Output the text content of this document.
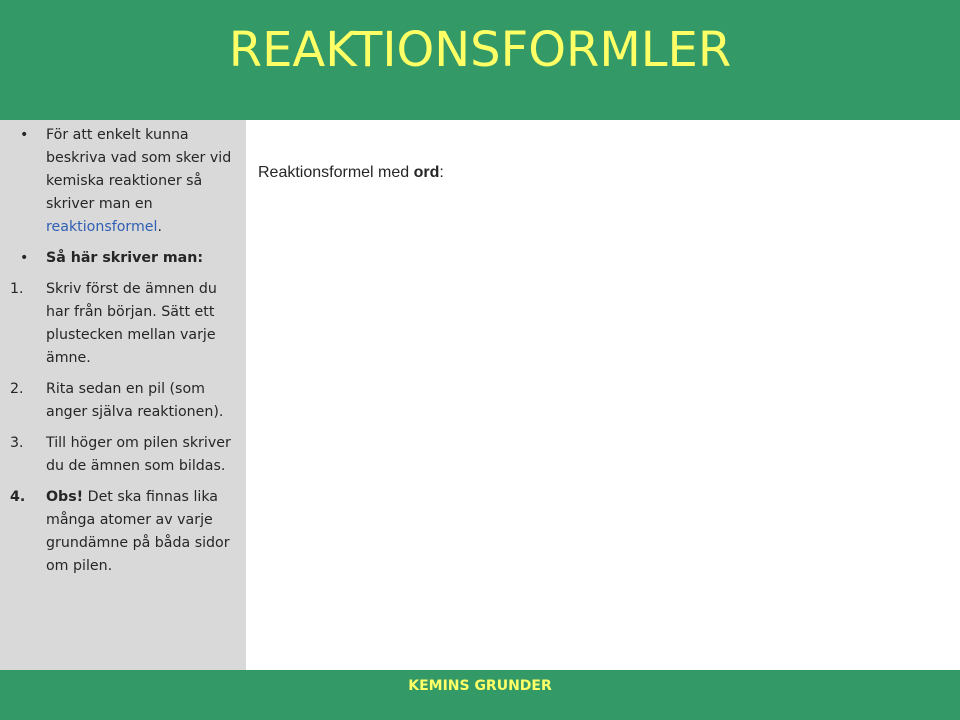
REAKTIONSFORMLER
•	För att enkelt kunna beskriva vad som sker vid kemiska reaktioner så skriver man en reaktionsformel.
•	Så här skriver man:
1.	Skriv först de ämnen du har från början. Sätt ett plustecken mellan varje ämne.
2.	Rita sedan en pil (som anger själva reaktionen).
3.	Till höger om pilen skriver du de ämnen som bildas.
4.	Obs! Det ska finnas lika många atomer av varje grundämne på båda sidor om pilen.
Reaktionsformel med ord:
KEMINS GRUNDER
